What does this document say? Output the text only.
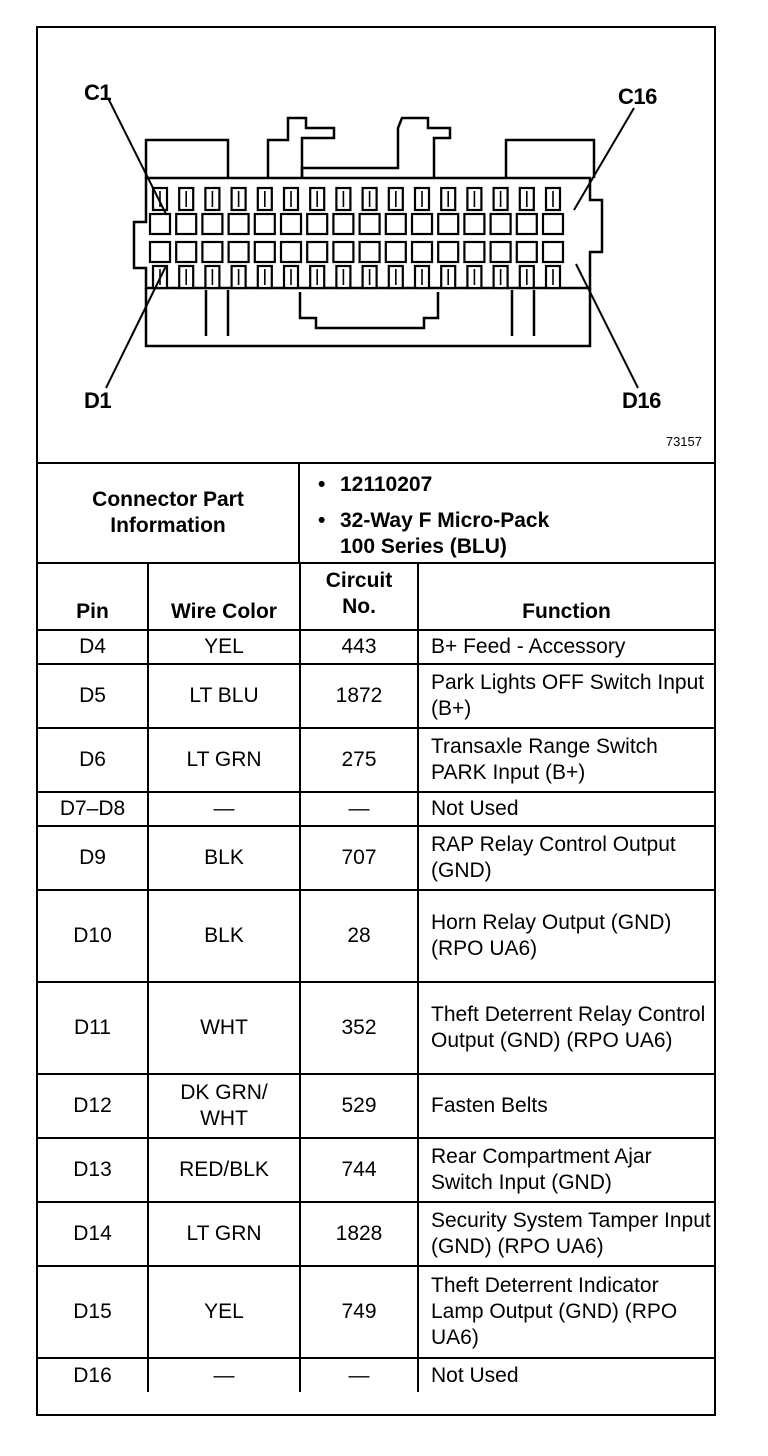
C1	C16
D1	D16
73157
Connector Part Information
• 12110207
• 32-Way F Micro-Pack
100 Series (BLU)
Pin	Wire Color	Circuit No.	Function
D4	YEL	443	B+ Feed - Accessory
D5	LT BLU	1872	Park Lights OFF Switch Input (B+)
D6	LT GRN	275	Transaxle Range Switch PARK Input (B+)
D7–D8	—	—	Not Used
D9	BLK	707	RAP Relay Control Output (GND)
D10	BLK	28	Horn Relay Output (GND) (RPO UA6)
D11	WHT	352	Theft Deterrent Relay Control Output (GND) (RPO UA6)
D12	DK GRN/ WHT	529	Fasten Belts
D13	RED/BLK	744	Rear Compartment Ajar Switch Input (GND)
D14	LT GRN	1828	Security System Tamper Input (GND) (RPO UA6)
D15	YEL	749	Theft Deterrent Indicator Lamp Output (GND) (RPO UA6)
D16	—	—	Not Used
